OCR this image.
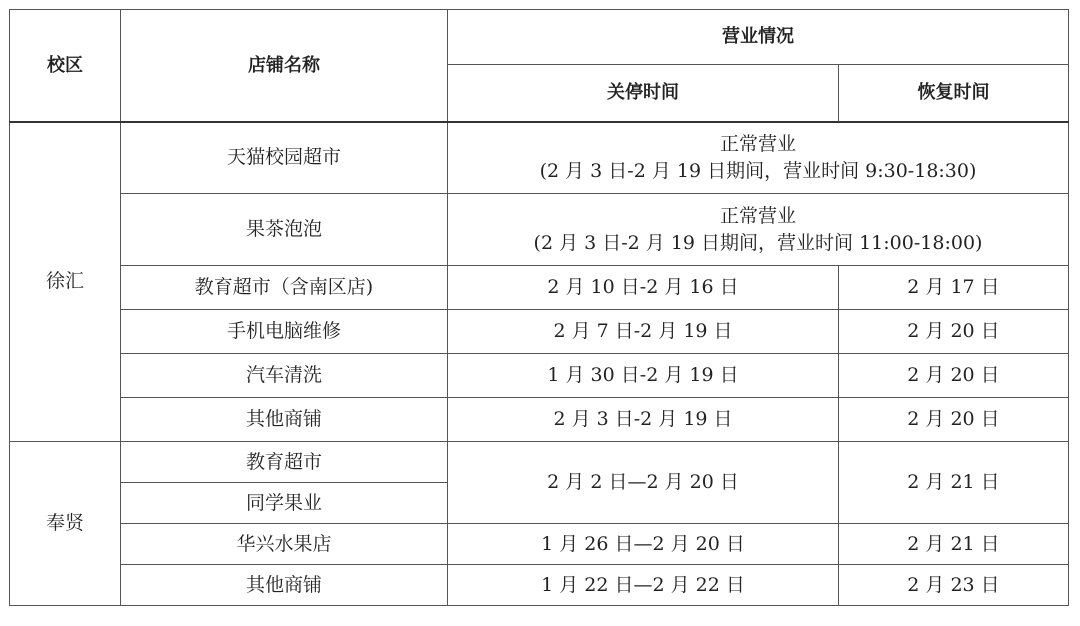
校区	店铺名称	营业情况	
		关停时间	恢复时间
徐汇	天猫校园超市	正常营业
(2 月 3 日-2 月 19 日期间，营业时间 9:30-18:30)	

	果茶泡泡	正常营业
(2 月 3 日-2 月 19 日期间，营业时间 11:00-18:00)	

	教育超市（含南区店)	2 月 10 日-2 月 16 日	2 月 17 日
	手机电脑维修	2 月 7 日-2 月 19 日	2 月 20 日
	汽车清洗	1 月 30 日-2 月 19 日	2 月 20 日
	其他商铺	2 月 3 日-2 月 19 日	2 月 20 日
奉贤	教育超市	2 月 2 日—2 月 20 日	2 月 21 日
	同学果业		
	华兴水果店	1 月 26 日—2 月 20 日	2 月 21 日
	其他商铺	1 月 22 日—2 月 22 日	2 月 23 日
